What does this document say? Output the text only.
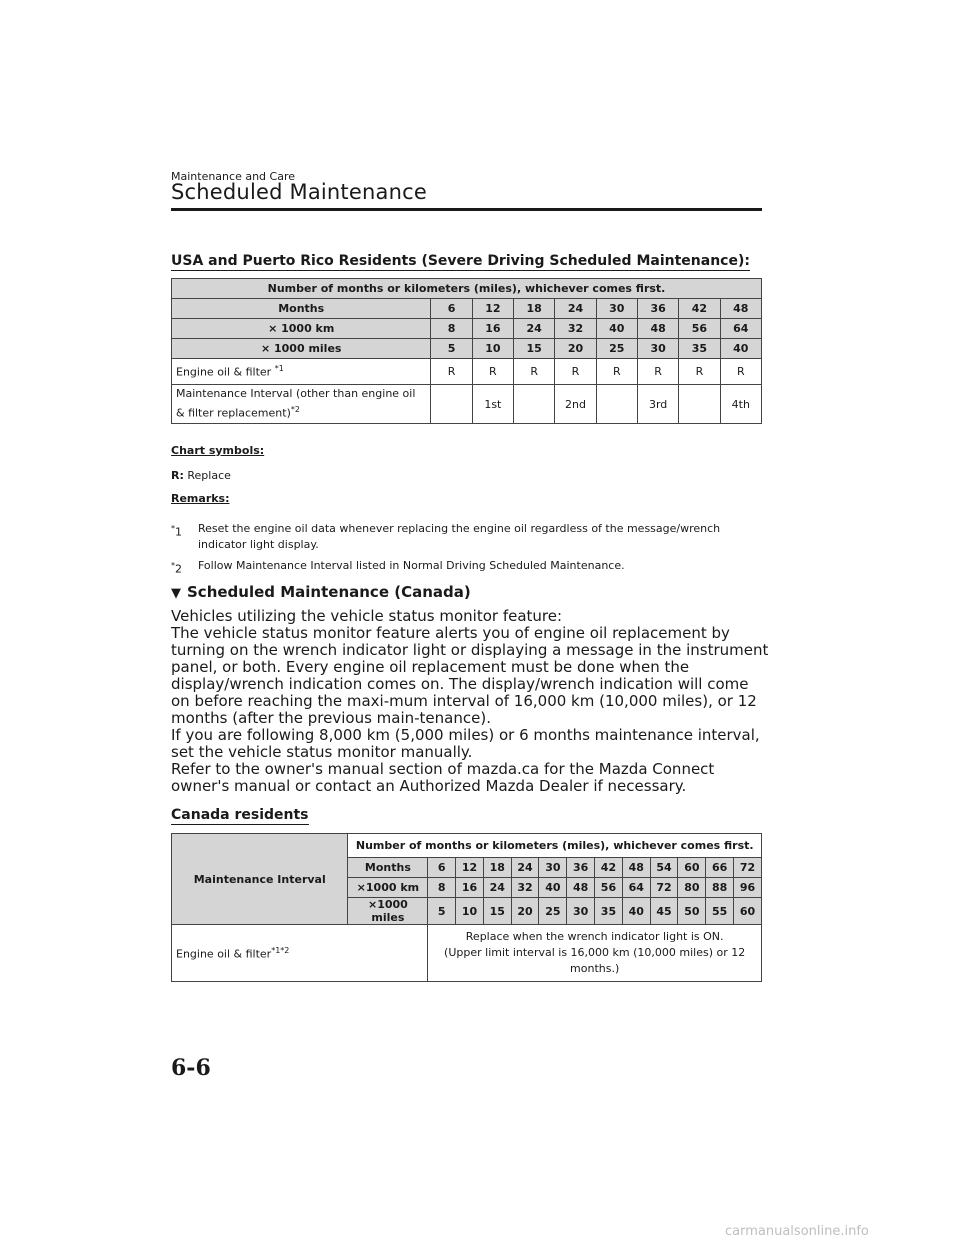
Maintenance and Care
Scheduled Maintenance
USA and Puerto Rico Residents (Severe Driving Scheduled Maintenance):
Number of months or kilometers (miles), whichever comes first.								
Months	6	12	18	24	30	36	42	48
× 1000 km	8	16	24	32	40	48	56	64
× 1000 miles	5	10	15	20	25	30	35	40
Engine oil & filter $^{*1}$	R	R	R	R	R	R	R	R
Maintenance Interval (other than engine oil
& filter replacement)$^{*2}$		1st		2nd		3rd		4th
Chart symbols:
R: Replace
Remarks:
*1 Reset the engine oil data whenever replacing the engine oil regardless of the message/wrench indicator light display.
*2 Follow Maintenance Interval listed in Normal Driving Scheduled Maintenance.
▼ Scheduled Maintenance (Canada)

Vehicles utilizing the vehicle status monitor feature:

The vehicle status monitor feature alerts you of engine oil replacement by turning on the wrench indicator light or displaying a message in the instrument panel, or both. Every engine oil replacement must be done when the display/wrench indication comes on. The display/wrench indication will come on before reaching the maxi-mum interval of 16,000 km (10,000 miles), or 12 months (after the previous main-tenance).

If you are following 8,000 km (5,000 miles) or 6 months maintenance interval, set the vehicle status monitor manually.

Refer to the owner's manual section of mazda.ca for the Mazda Connect owner's manual or contact an Authorized Mazda Dealer if necessary.

Canada residents
Maintenance Interval	Number of months or kilometers (miles), whichever comes first.												
	Months	6	12	18	24	30	36	42	48	54	60	66	72
	×1000 km	8	16	24	32	40	48	56	64	72	80	88	96
	×1000 miles	5	10	15	20	25	30	35	40	45	50	55	60
Engine oil & filter$^{*1*2}$		Replace when the wrench indicator light is ON.
(Upper limit interval is 16,000 km (10,000 miles) or 12
months.)											
6-6
carmanualsonline.info
